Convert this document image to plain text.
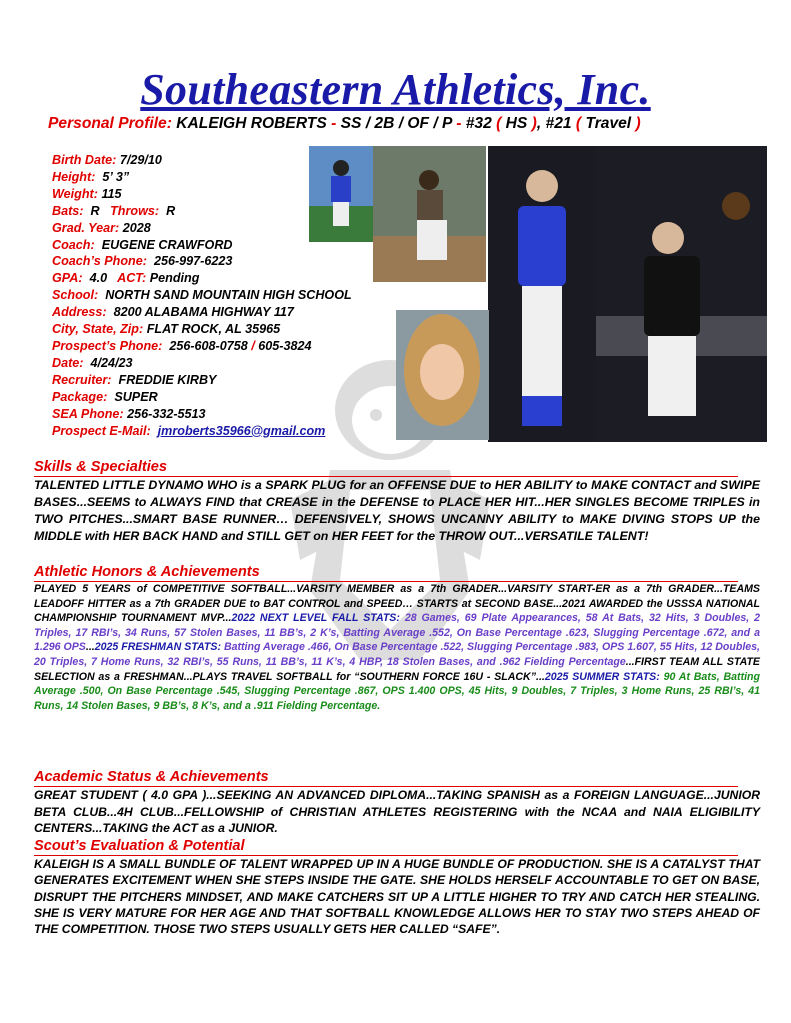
Southeastern Athletics, Inc.
Personal Profile: KALEIGH ROBERTS - SS / 2B / OF / P - #32 ( HS ), #21 ( Travel )
Birth Date: 7/29/10
Height: 5’ 3”
Weight: 115
Bats: R Throws: R
Grad. Year: 2028
Coach: EUGENE CRAWFORD
Coach’s Phone: 256-997-6223
GPA: 4.0 ACT: Pending
School: NORTH SAND MOUNTAIN HIGH SCHOOL
Address: 8200 ALABAMA HIGHWAY 117
City, State, Zip: FLAT ROCK, AL 35965
Prospect’s Phone: 256-608-0758 / 605-3824
Date: 4/24/23
Recruiter: FREDDIE KIRBY
Package: SUPER
SEA Phone: 256-332-5513
Prospect E-Mail: jmroberts35966@gmail.com
Skills & Specialties
TALENTED LITTLE DYNAMO WHO is a SPARK PLUG for an OFFENSE DUE to HER ABILITY to MAKE CONTACT and SWIPE BASES...SEEMS to ALWAYS FIND that CREASE in the DEFENSE to PLACE HER HIT...HER SINGLES BECOME TRIPLES in TWO PITCHES...SMART BASE RUNNER… DEFENSIVELY, SHOWS UNCANNY ABILITY to MAKE DIVING STOPS UP the MIDDLE with HER BACK HAND and STILL GET on HER FEET for the THROW OUT...VERSATILE TALENT!
Athletic Honors & Achievements
PLAYED 5 YEARS of COMPETITIVE SOFTBALL...VARSITY MEMBER as a 7th GRADER...VARSITY START-ER as a 7th GRADER...TEAMS LEADOFF HITTER as a 7th GRADER DUE to BAT CONTROL and SPEED… STARTS at SECOND BASE...2021 AWARDED the USSSA NATIONAL CHAMPIONSHIP TOURNAMENT MVP...2022 NEXT LEVEL FALL STATS: 28 Games, 69 Plate Appearances, 58 At Bats, 32 Hits, 3 Doubles, 2 Triples, 17 RBI’s, 34 Runs, 57 Stolen Bases, 11 BB’s, 2 K’s, Batting Average .552, On Base Percentage .623, Slugging Percentage .672, and a 1.296 OPS...2025 FRESHMAN STATS: Batting Average .466, On Base Percentage .522, Slugging Percentage .983, OPS 1.607, 55 Hits, 12 Doubles, 20 Triples, 7 Home Runs, 32 RBI’s, 55 Runs, 11 BB’s, 11 K’s, 4 HBP, 18 Stolen Bases, and .962 Fielding Percentage...FIRST TEAM ALL STATE SELECTION as a FRESHMAN...PLAYS TRAVEL SOFTBALL for “SOUTHERN FORCE 16U - SLACK”...2025 SUMMER STATS: 90 At Bats, Batting Average .500, On Base Percentage .545, Slugging Percentage .867, OPS 1.400 OPS, 45 Hits, 9 Doubles, 7 Triples, 3 Home Runs, 25 RBI’s, 41 Runs, 14 Stolen Bases, 9 BB’s, 8 K’s, and a .911 Fielding Percentage.
Academic Status & Achievements
GREAT STUDENT ( 4.0 GPA )...SEEKING AN ADVANCED DIPLOMA...TAKING SPANISH as a FOREIGN LANGUAGE...JUNIOR BETA CLUB...4H CLUB...FELLOWSHIP of CHRISTIAN ATHLETES REGISTERING with the NCAA and NAIA ELIGIBILITY CENTERS...TAKING the ACT as a JUNIOR.
Scout’s Evaluation & Potential
KALEIGH IS A SMALL BUNDLE OF TALENT WRAPPED UP IN A HUGE BUNDLE OF PRODUCTION. SHE IS A CATALYST THAT GENERATES EXCITEMENT WHEN SHE STEPS INSIDE THE GATE. SHE HOLDS HERSELF ACCOUNTABLE TO GET ON BASE, DISRUPT THE PITCHERS MINDSET, AND MAKE CATCHERS SIT UP A LITTLE HIGHER TO TRY AND CATCH HER STEALING. SHE IS VERY MATURE FOR HER AGE AND THAT SOFTBALL KNOWLEDGE ALLOWS HER TO STAY TWO STEPS AHEAD OF THE COMPETITION. THOSE TWO STEPS USUALLY GETS HER CALLED “SAFE”.
